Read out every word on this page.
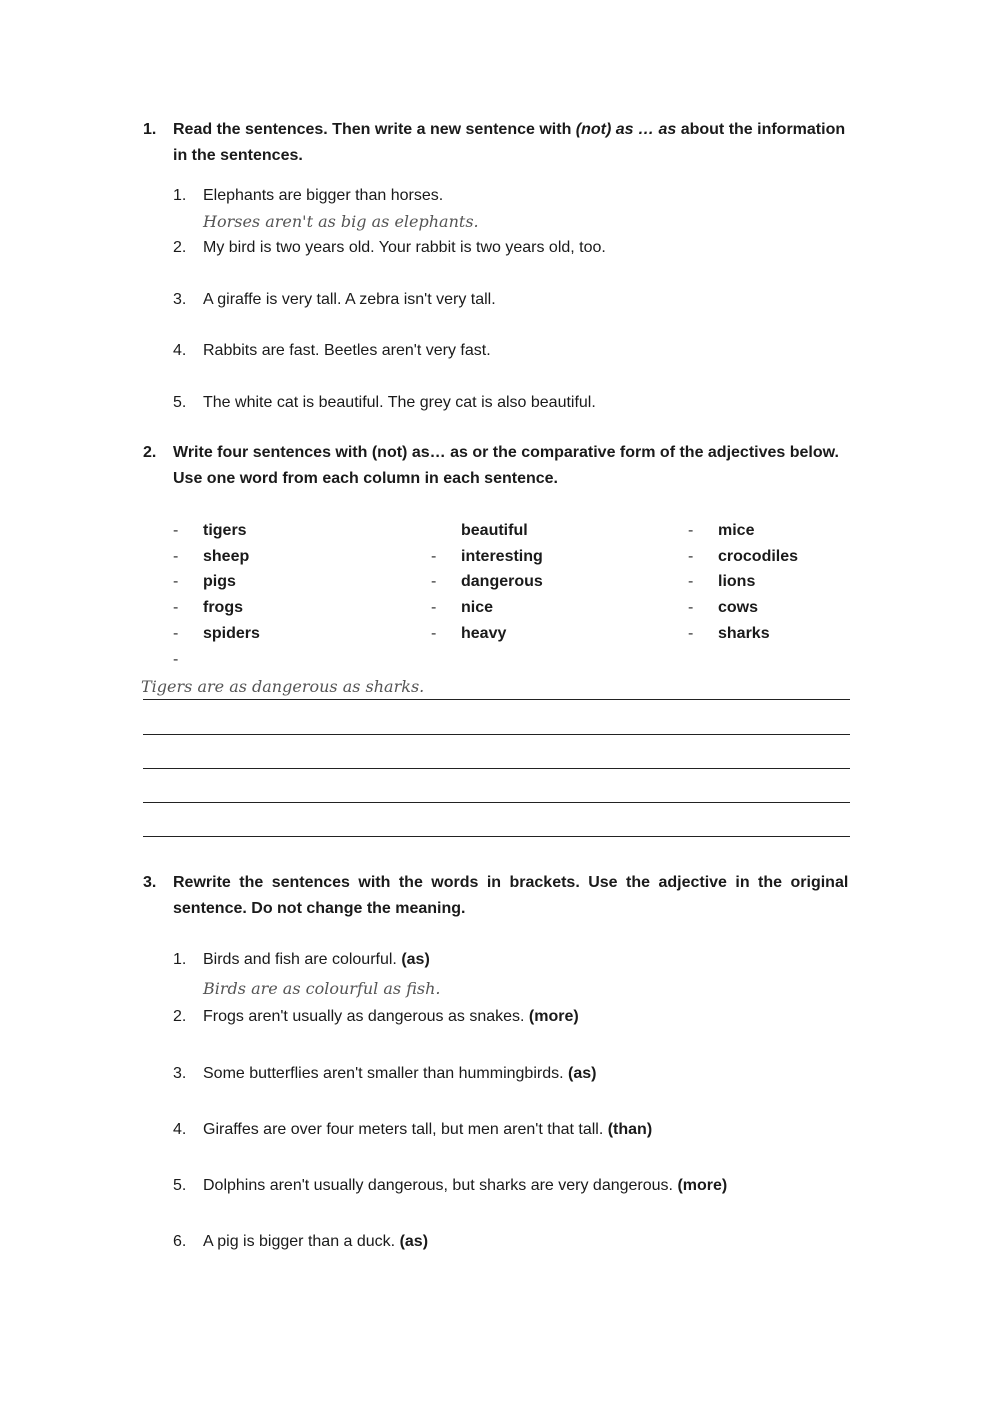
1. Read the sentences. Then write a new sentence with (not) as … as about the information
in the sentences.
1. Elephants are bigger than horses.
Horses aren't as big as elephants.
2. My bird is two years old. Your rabbit is two years old, too.
3. A giraffe is very tall. A zebra isn't very tall.
4. Rabbits are fast. Beetles aren't very fast.
5. The white cat is beautiful. The grey cat is also beautiful.
2. Write four sentences with (not) as… as or the comparative form of the adjectives below.
Use one word from each column in each sentence.
- tigers
- sheep
- pigs
- frogs
- spiders
-
beautiful
- interesting
- dangerous
- nice
- heavy
- mice
- crocodiles
- lions
- cows
- sharks
Tigers are as dangerous as sharks.
3. Rewrite the sentences with the words in brackets. Use the adjective in the original
sentence. Do not change the meaning.
1. Birds and fish are colourful. (as)
Birds are as colourful as fish.
2. Frogs aren't usually as dangerous as snakes. (more)
3. Some butterflies aren't smaller than hummingbirds. (as)
4. Giraffes are over four meters tall, but men aren't that tall. (than)
5. Dolphins aren't usually dangerous, but sharks are very dangerous. (more)
6. A pig is bigger than a duck. (as)
